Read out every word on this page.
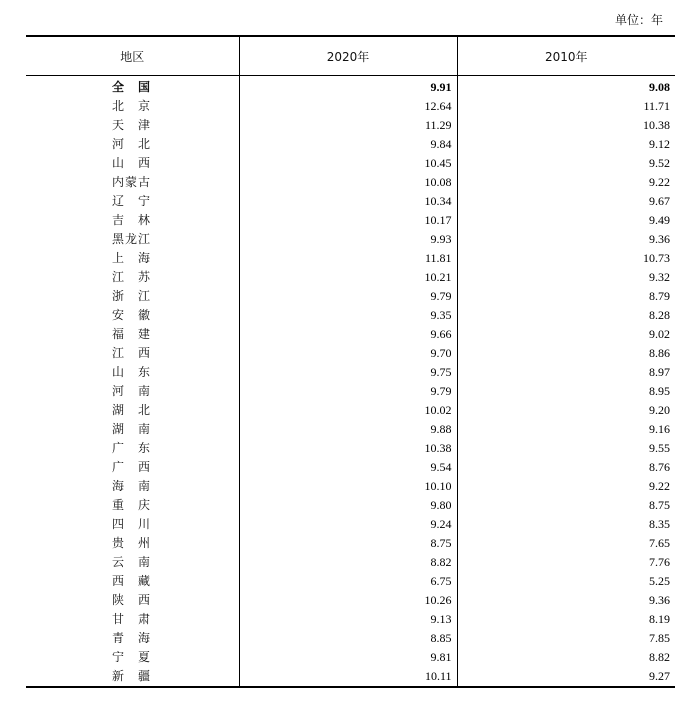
单位：年
地区	2020年	2010年
全国	9.91	9.08
北京	12.64	11.71
天津	11.29	10.38
河北	9.84	9.12
山西	10.45	9.52
内蒙古	10.08	9.22
辽宁	10.34	9.67
吉林	10.17	9.49
黑龙江	9.93	9.36
上海	11.81	10.73
江苏	10.21	9.32
浙江	9.79	8.79
安徽	9.35	8.28
福建	9.66	9.02
江西	9.70	8.86
山东	9.75	8.97
河南	9.79	8.95
湖北	10.02	9.20
湖南	9.88	9.16
广东	10.38	9.55
广西	9.54	8.76
海南	10.10	9.22
重庆	9.80	8.75
四川	9.24	8.35
贵州	8.75	7.65
云南	8.82	7.76
西藏	6.75	5.25
陕西	10.26	9.36
甘肃	9.13	8.19
青海	8.85	7.85
宁夏	9.81	8.82
新疆	10.11	9.27
